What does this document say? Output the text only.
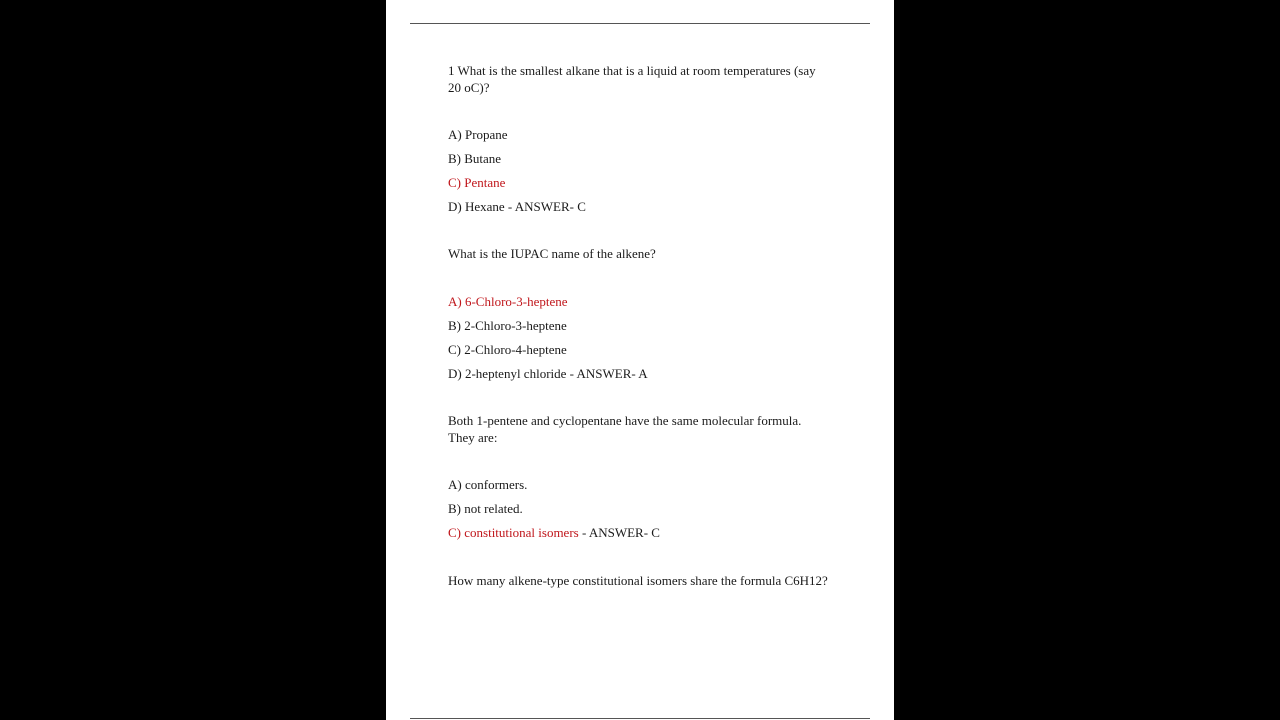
1 What is the smallest alkane that is a liquid at room temperatures (say

20 oC)?

A) Propane

B) Butane

C) Pentane

D) Hexane - ANSWER- C

What is the IUPAC name of the alkene?

A) 6-Chloro-3-heptene

B) 2-Chloro-3-heptene

C) 2-Chloro-4-heptene

D) 2-heptenyl chloride - ANSWER- A

Both 1-pentene and cyclopentane have the same molecular formula.

They are:

A) conformers.

B) not related.

C) constitutional isomers - ANSWER- C

How many alkene-type constitutional isomers share the formula C6H12?
